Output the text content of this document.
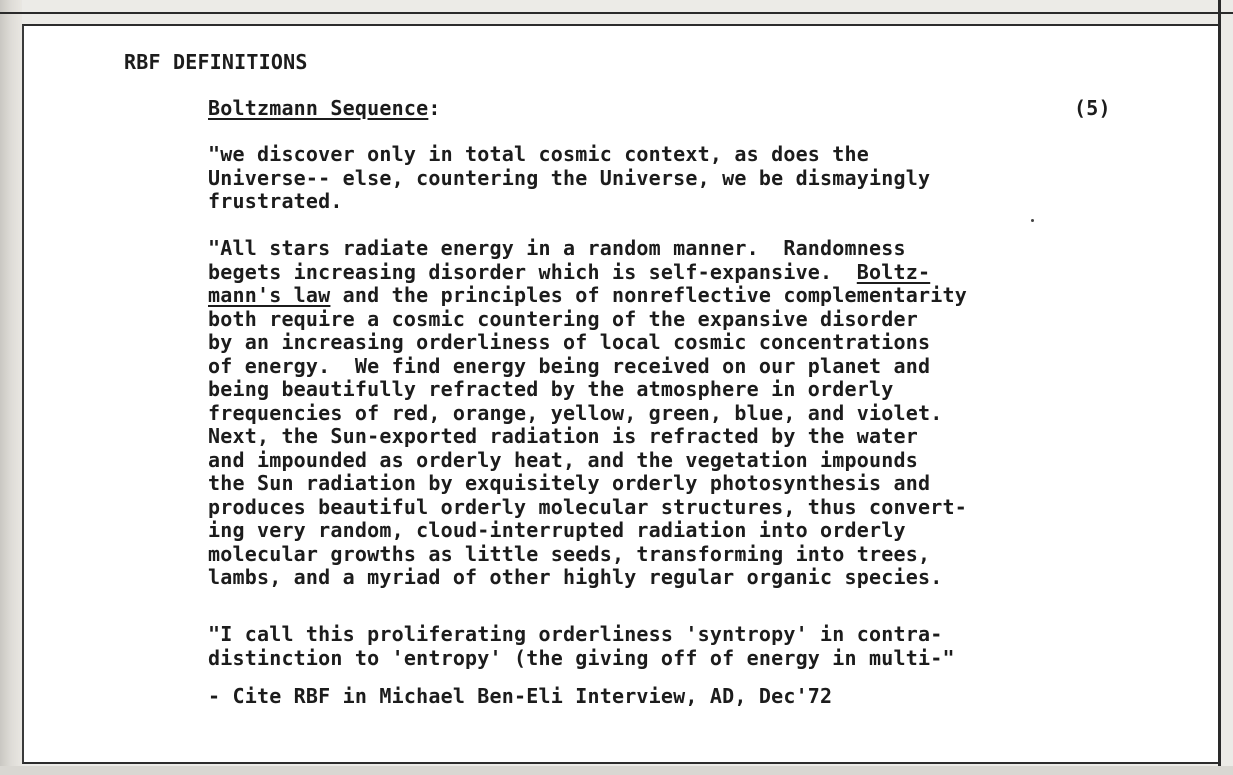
RBF DEFINITIONS
Boltzmann Sequence:	(5)

"we discover only in total cosmic context, as does the
Universe-- else, countering the Universe, we be dismayingly
frustrated.

"All stars radiate energy in a random manner.  Randomness
begets increasing disorder which is self-expansive.  Boltz-
mann's law and the principles of nonreflective complementarity
both require a cosmic countering of the expansive disorder
by an increasing orderliness of local cosmic concentrations
of energy.  We find energy being received on our planet and
being beautifully refracted by the atmosphere in orderly
frequencies of red, orange, yellow, green, blue, and violet.
Next, the Sun-exported radiation is refracted by the water
and impounded as orderly heat, and the vegetation impounds
the Sun radiation by exquisitely orderly photosynthesis and
produces beautiful orderly molecular structures, thus convert-
ing very random, cloud-interrupted radiation into orderly
molecular growths as little seeds, transforming into trees,
lambs, and a myriad of other highly regular organic species.

"I call this proliferating orderliness 'syntropy' in contra-
distinction to 'entropy' (the giving off of energy in multi-"

- Cite RBF in Michael Ben-Eli Interview, AD, Dec'72
